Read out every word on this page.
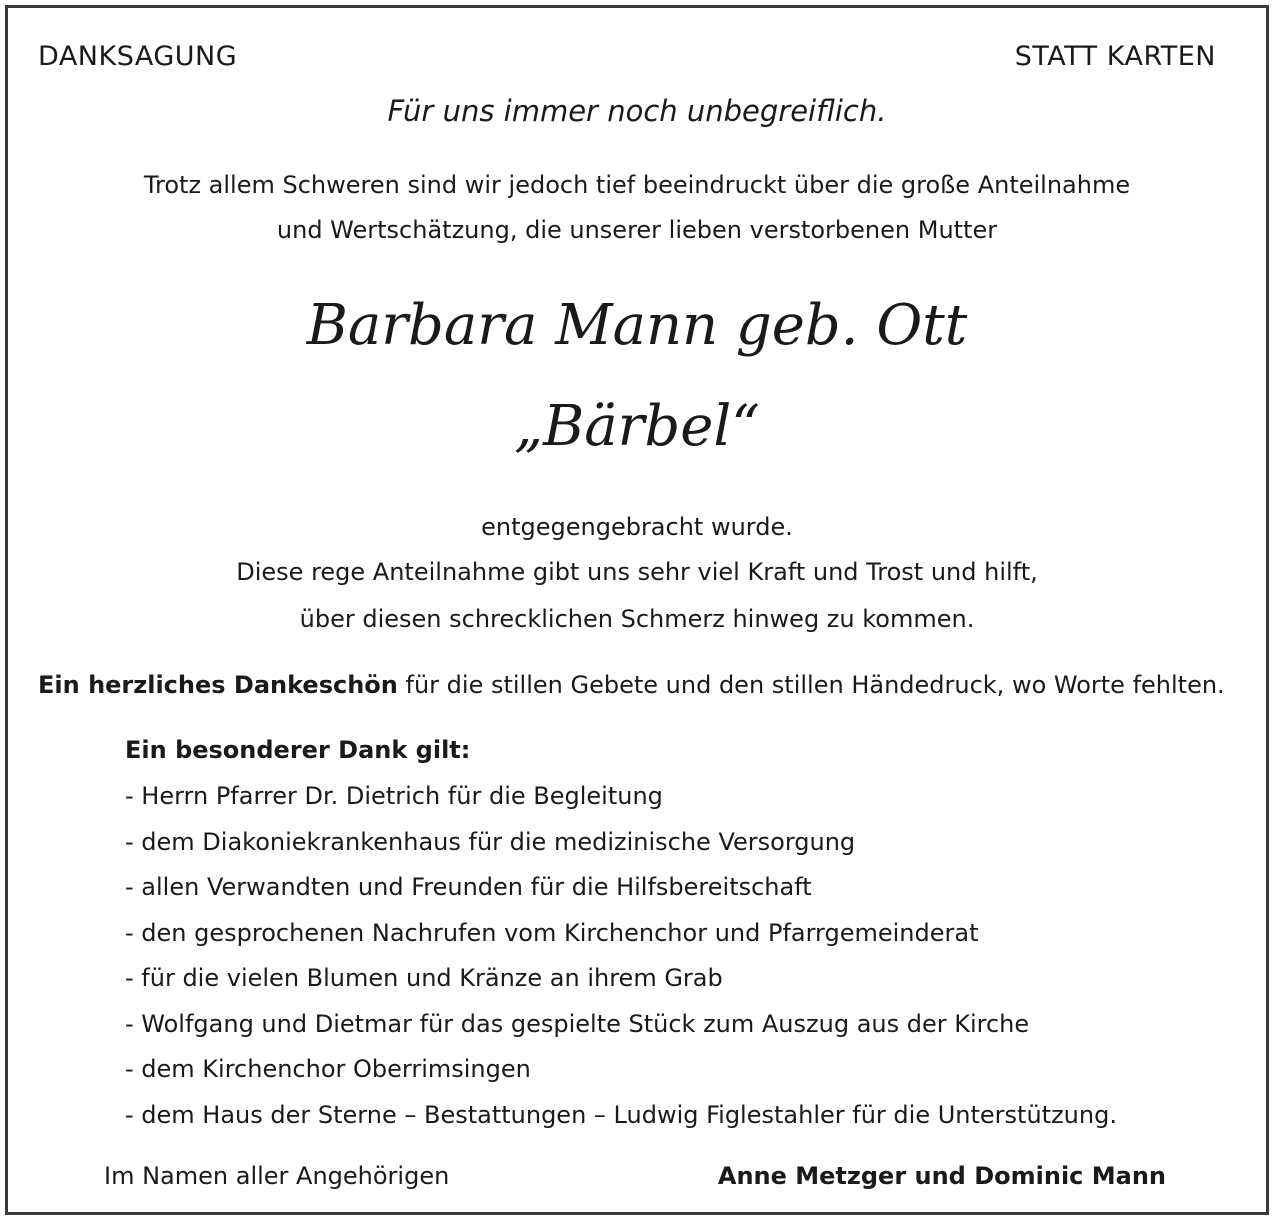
DANKSAGUNG	STATT KARTEN
Für uns immer noch unbegreiflich.
Trotz allem Schweren sind wir jedoch tief beeindruckt über die große Anteilnahme
und Wertschätzung, die unserer lieben verstorbenen Mutter
Barbara Mann geb. Ott
„Bärbel“
entgegengebracht wurde.
Diese rege Anteilnahme gibt uns sehr viel Kraft und Trost und hilft,
über diesen schrecklichen Schmerz hinweg zu kommen.
Ein herzliches Dankeschön für die stillen Gebete und den stillen Händedruck, wo Worte fehlten.
Ein besonderer Dank gilt:
- Herrn Pfarrer Dr. Dietrich für die Begleitung
- dem Diakoniekrankenhaus für die medizinische Versorgung
- allen Verwandten und Freunden für die Hilfsbereitschaft
- den gesprochenen Nachrufen vom Kirchenchor und Pfarrgemeinderat
- für die vielen Blumen und Kränze an ihrem Grab
- Wolfgang und Dietmar für das gespielte Stück zum Auszug aus der Kirche
- dem Kirchenchor Oberrimsingen
- dem Haus der Sterne – Bestattungen – Ludwig Figlestahler für die Unterstützung.
Im Namen aller Angehörigen	Anne Metzger und Dominic Mann
